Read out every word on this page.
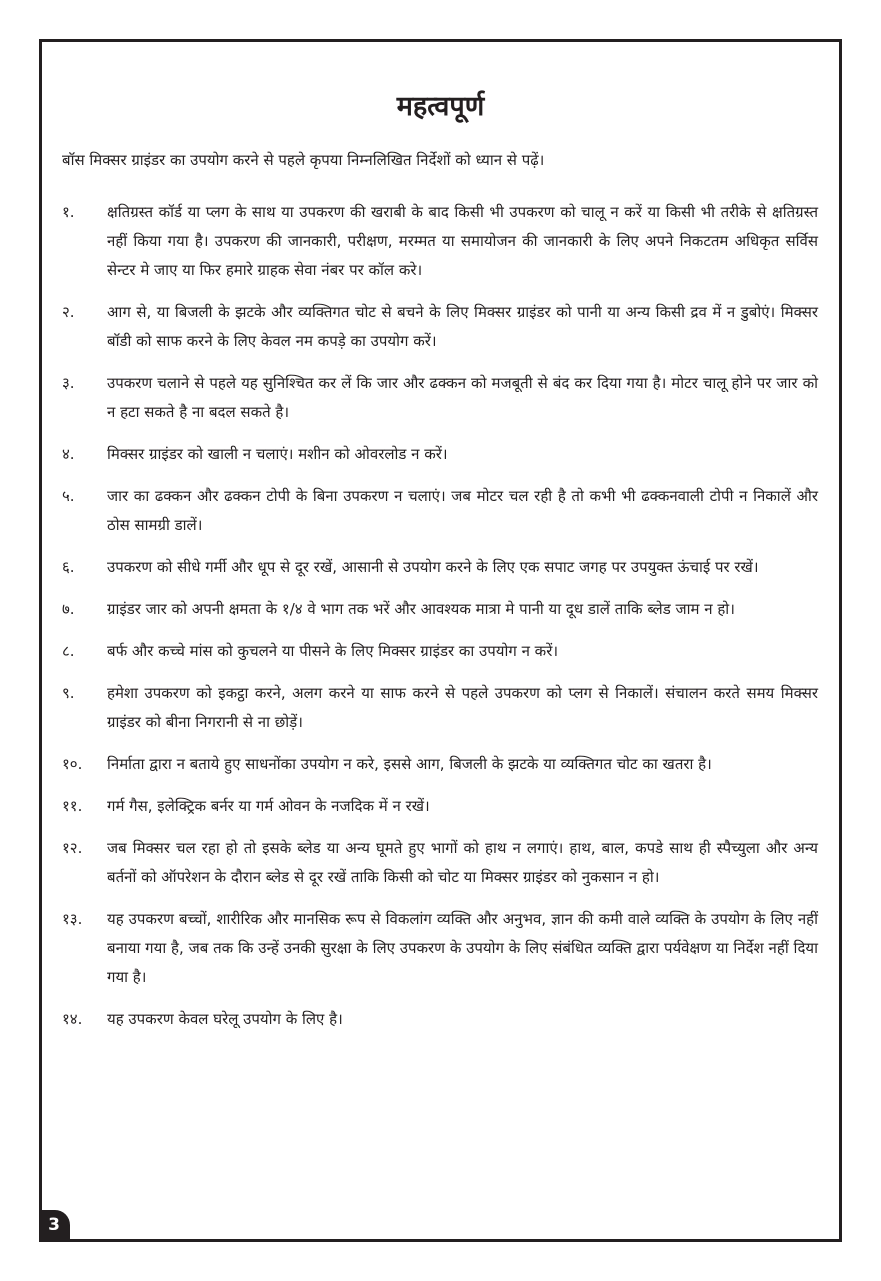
महत्वपूर्ण

बॉस मिक्सर ग्राइंडर का उपयोग करने से पहले कृपया निम्नलिखित निर्देशों को ध्यान से पढ़ें।

१.	क्षतिग्रस्त कॉर्ड या प्लग के साथ या उपकरण की खराबी के बाद किसी भी उपकरण को चालू न करें या किसी भी तरीके से क्षतिग्रस्त नहीं किया गया है। उपकरण की जानकारी, परीक्षण, मरम्मत या समायोजन की जानकारी के लिए अपने निकटतम अधिकृत सर्विस सेन्टर मे जाए या फिर हमारे ग्राहक सेवा नंबर पर कॉल करे।
२.	आग से, या बिजली के झटके और व्यक्तिगत चोट से बचने के लिए मिक्सर ग्राइंडर को पानी या अन्य किसी द्रव में न डुबोएं। मिक्सर बॉडी को साफ करने के लिए केवल नम कपड़े का उपयोग करें।
३.	उपकरण चलाने से पहले यह सुनिश्चित कर लें कि जार और ढक्कन को मजबूती से बंद कर दिया गया है। मोटर चालू होने पर जार को न हटा सकते है ना बदल सकते है।
४.	मिक्सर ग्राइंडर को खाली न चलाएं। मशीन को ओवरलोड न करें।
५.	जार का ढक्कन और ढक्कन टोपी के बिना उपकरण न चलाएं। जब मोटर चल रही है तो कभी भी ढक्कनवाली टोपी न निकालें और ठोस सामग्री डालें।
६.	उपकरण को सीधे गर्मी और धूप से दूर रखें, आसानी से उपयोग करने के लिए एक सपाट जगह पर उपयुक्त ऊंचाई पर रखें।
७.	ग्राइंडर जार को अपनी क्षमता के १/४ वे भाग तक भरें और आवश्यक मात्रा मे पानी या दूध डालें ताकि ब्लेड जाम न हो।
८.	बर्फ और कच्चे मांस को कुचलने या पीसने के लिए मिक्सर ग्राइंडर का उपयोग न करें।
९.	हमेशा उपकरण को इकट्ठा करने, अलग करने या साफ करने से पहले उपकरण को प्लग से निकालें। संचालन करते समय मिक्सर ग्राइंडर को बीना निगरानी से ना छोड़ें।
१०.	निर्माता द्वारा न बताये हुए साधनोंका उपयोग न करे, इससे आग, बिजली के झटके या व्यक्तिगत चोट का खतरा है।
११.	गर्म गैस, इलेक्ट्रिक बर्नर या गर्म ओवन के नजदिक में न रखें।
१२.	जब मिक्सर चल रहा हो तो इसके ब्लेड या अन्य घूमते हुए भागों को हाथ न लगाएं। हाथ, बाल, कपडे साथ ही स्पैच्युला और अन्य बर्तनों को ऑपरेशन के दौरान ब्लेड से दूर रखें ताकि किसी को चोट या मिक्सर ग्राइंडर को नुकसान न हो।
१३.	यह उपकरण बच्चों, शारीरिक और मानसिक रूप से विकलांग व्यक्ति और अनुभव, ज्ञान की कमी वाले व्यक्ति के उपयोग के लिए नहीं बनाया गया है, जब तक कि उन्हें उनकी सुरक्षा के लिए उपकरण के उपयोग के लिए संबंधित व्यक्ति द्वारा पर्यवेक्षण या निर्देश नहीं दिया गया है।
१४.	यह उपकरण केवल घरेलू उपयोग के लिए है।
3
